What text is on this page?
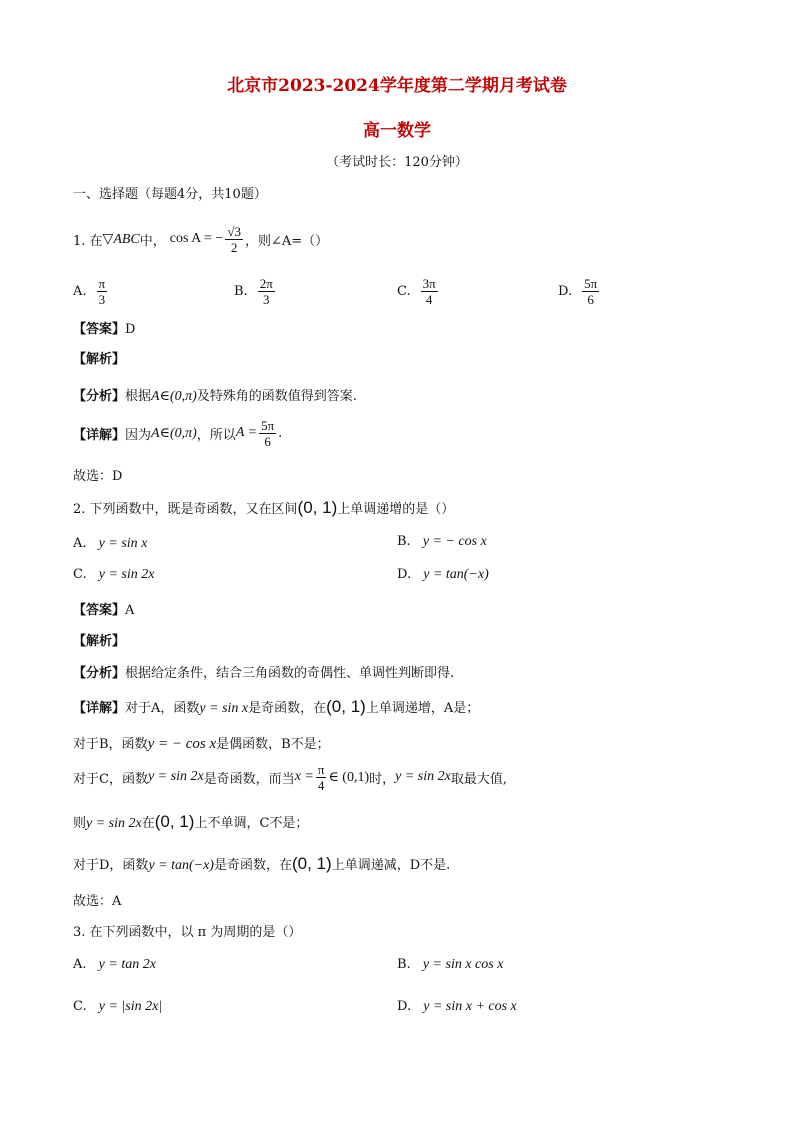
北京市2023-2024学年度第二学期月考试卷
高一数学
（考试时长：120分钟）
一、选择题（每题4分，共10题）
1. 在 ▽ABC 中， cos A = − $\frac{√3}{2}$ ，则∠A=（）
A. $\frac{\pi}{3}$	B. $\frac{2\pi}{3}$	C. $\frac{3\pi}{4}$	D. $\frac{5\pi}{6}$
【答案】D
【解析】
【分析】根据A∈(0,π)及特殊角的函数值得到答案.
【详解】 因为 A∈(0,π) ，所以 $A = \frac{5\pi}{6}$ .
故选：D
2. 下列函数中，既是奇函数，又在区间(0, 1)上单调递增的是（）
A. y = sin x	B. y = − cos x
C. y = sin 2x	D. y = tan(−x)
【答案】A
【解析】
【分析】根据给定条件，结合三角函数的奇偶性、单调性判断即得.
【详解】对于A，函数y = sin x是奇函数，在(0, 1)上单调递增，A是；
对于B，函数y = − cos x是偶函数，B不是；
对于C，函数 y = sin 2x 是奇函数，而当 $x = \frac{\pi}{4}$ ∈ (0,1) 时， y = sin 2x 取最大值,
则y = sin 2x在(0, 1)上不单调，C不是；
对于D，函数y = tan(−x)是奇函数，在(0, 1)上单调递减，D不是.
故选：A
3. 在下列函数中，以 π 为周期的是（）
A. y = tan 2x	B. y = sin x cos x
C. y = |sin 2x|	D. y = sin x + cos x
